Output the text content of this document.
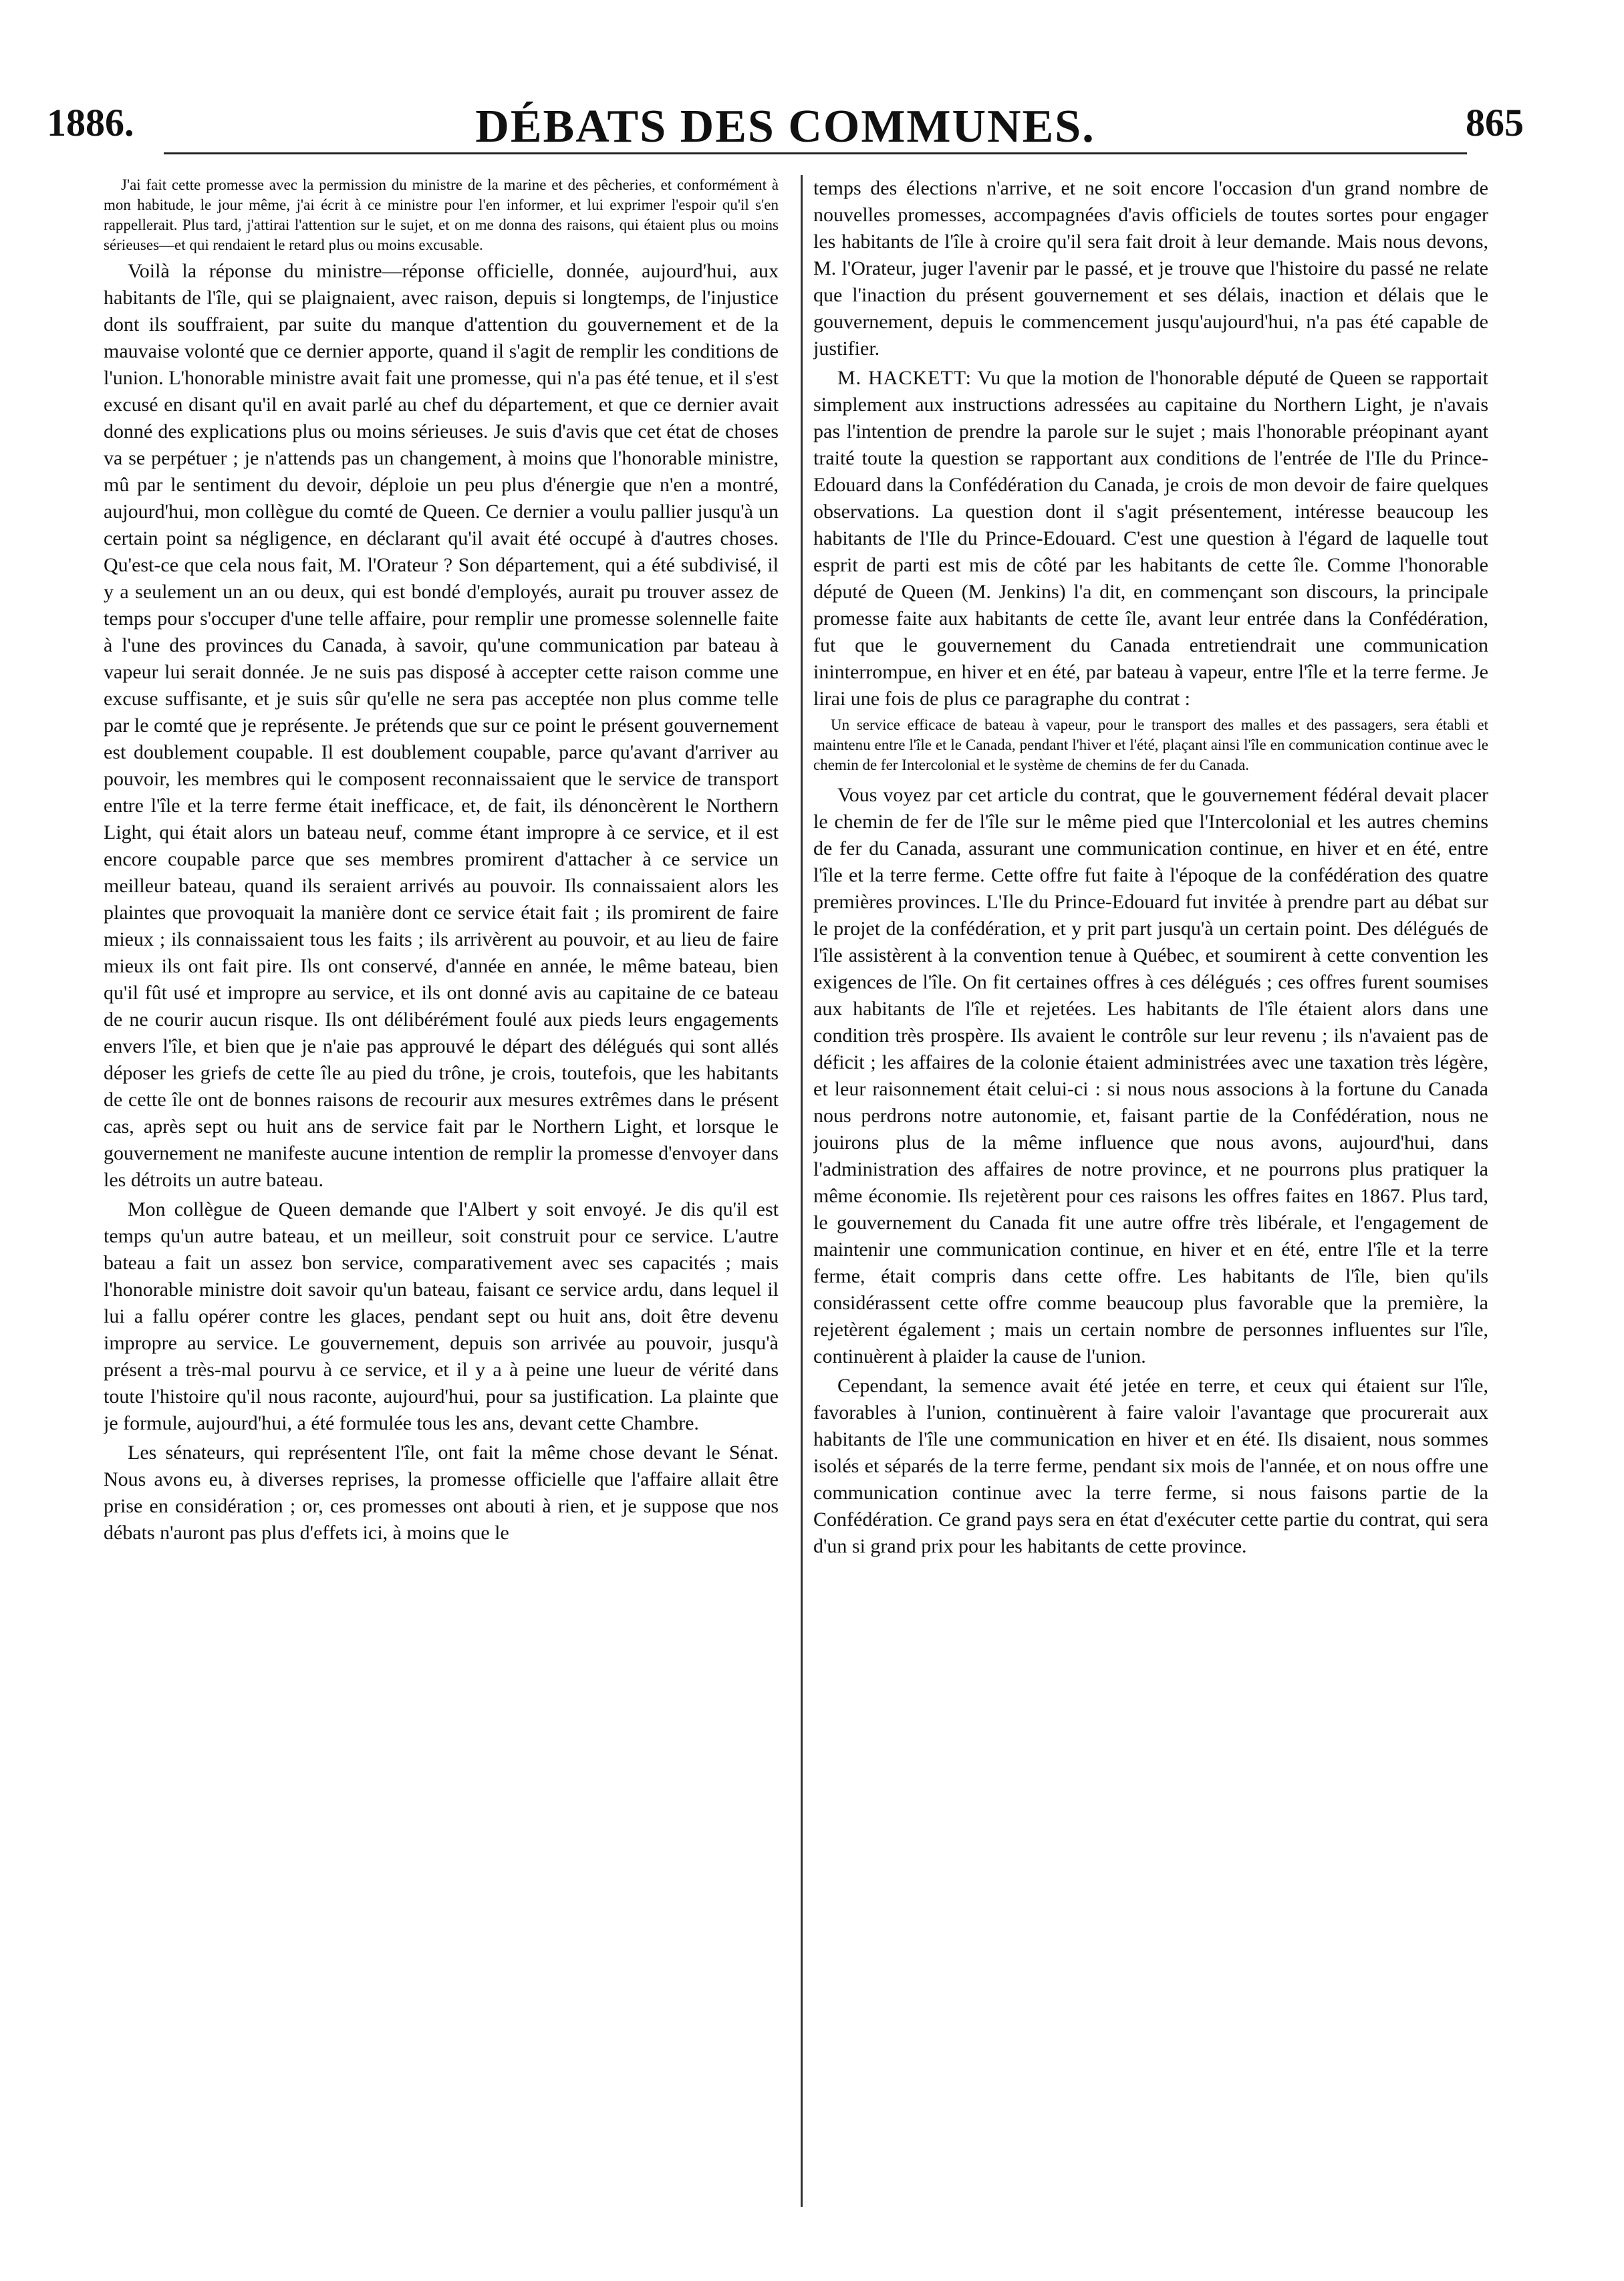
1886.	DÉBATS DES COMMUNES.	865

J'ai fait cette promesse avec la permission du ministre de la marine et des pêcheries, et conformément à mon habitude, le jour même, j'ai écrit à ce ministre pour l'en informer, et lui exprimer l'espoir qu'il s'en rappellerait. Plus tard, j'attirai l'attention sur le sujet, et on me donna des raisons, qui étaient plus ou moins sérieuses—et qui rendaient le retard plus ou moins excusable.

Voilà la réponse du ministre—réponse officielle, donnée, aujourd'hui, aux habitants de l'île, qui se plaignaient, avec raison, depuis si longtemps, de l'injustice dont ils souffraient, par suite du manque d'attention du gouvernement et de la mauvaise volonté que ce dernier apporte, quand il s'agit de remplir les conditions de l'union. L'honorable ministre avait fait une promesse, qui n'a pas été tenue, et il s'est excusé en disant qu'il en avait parlé au chef du département, et que ce dernier avait donné des explications plus ou moins sérieuses. Je suis d'avis que cet état de choses va se perpétuer ; je n'attends pas un changement, à moins que l'honorable ministre, mû par le sentiment du devoir, déploie un peu plus d'énergie que n'en a montré, aujourd'hui, mon collègue du comté de Queen. Ce dernier a voulu pallier jusqu'à un certain point sa négligence, en déclarant qu'il avait été occupé à d'autres choses. Qu'est-ce que cela nous fait, M. l'Orateur ? Son département, qui a été subdivisé, il y a seulement un an ou deux, qui est bondé d'employés, aurait pu trouver assez de temps pour s'occuper d'une telle affaire, pour remplir une promesse solennelle faite à l'une des provinces du Canada, à savoir, qu'une communication par bateau à vapeur lui serait donnée. Je ne suis pas disposé à accepter cette raison comme une excuse suffisante, et je suis sûr qu'elle ne sera pas acceptée non plus comme telle par le comté que je représente. Je prétends que sur ce point le présent gouvernement est doublement coupable. Il est doublement coupable, parce qu'avant d'arriver au pouvoir, les membres qui le composent reconnaissaient que le service de transport entre l'île et la terre ferme était inefficace, et, de fait, ils dénoncèrent le Northern Light, qui était alors un bateau neuf, comme étant impropre à ce service, et il est encore coupable parce que ses membres promirent d'attacher à ce service un meilleur bateau, quand ils seraient arrivés au pouvoir. Ils connaissaient alors les plaintes que provoquait la manière dont ce service était fait ; ils promirent de faire mieux ; ils connaissaient tous les faits ; ils arrivèrent au pouvoir, et au lieu de faire mieux ils ont fait pire. Ils ont conservé, d'année en année, le même bateau, bien qu'il fût usé et impropre au service, et ils ont donné avis au capitaine de ce bateau de ne courir aucun risque. Ils ont délibérément foulé aux pieds leurs engagements envers l'île, et bien que je n'aie pas approuvé le départ des délégués qui sont allés déposer les griefs de cette île au pied du trône, je crois, toutefois, que les habitants de cette île ont de bonnes raisons de recourir aux mesures extrêmes dans le présent cas, après sept ou huit ans de service fait par le Northern Light, et lorsque le gouvernement ne manifeste aucune intention de remplir la promesse d'envoyer dans les détroits un autre bateau.

Mon collègue de Queen demande que l'Albert y soit envoyé. Je dis qu'il est temps qu'un autre bateau, et un meilleur, soit construit pour ce service. L'autre bateau a fait un assez bon service, comparativement avec ses capacités ; mais l'honorable ministre doit savoir qu'un bateau, faisant ce service ardu, dans lequel il lui a fallu opérer contre les glaces, pendant sept ou huit ans, doit être devenu impropre au service. Le gouvernement, depuis son arrivée au pouvoir, jusqu'à présent a très-mal pourvu à ce service, et il y a à peine une lueur de vérité dans toute l'histoire qu'il nous raconte, aujourd'hui, pour sa justification. La plainte que je formule, aujourd'hui, a été formulée tous les ans, devant cette Chambre.

Les sénateurs, qui représentent l'île, ont fait la même chose devant le Sénat. Nous avons eu, à diverses reprises, la promesse officielle que l'affaire allait être prise en considération ; or, ces promesses ont abouti à rien, et je suppose que nos débats n'auront pas plus d'effets ici, à moins que le

temps des élections n'arrive, et ne soit encore l'occasion d'un grand nombre de nouvelles promesses, accompagnées d'avis officiels de toutes sortes pour engager les habitants de l'île à croire qu'il sera fait droit à leur demande. Mais nous devons, M. l'Orateur, juger l'avenir par le passé, et je trouve que l'histoire du passé ne relate que l'inaction du présent gouvernement et ses délais, inaction et délais que le gouvernement, depuis le commencement jusqu'aujourd'hui, n'a pas été capable de justifier.

M. HACKETT: Vu que la motion de l'honorable député de Queen se rapportait simplement aux instructions adressées au capitaine du Northern Light, je n'avais pas l'intention de prendre la parole sur le sujet ; mais l'honorable préopinant ayant traité toute la question se rapportant aux conditions de l'entrée de l'Ile du Prince-Edouard dans la Confédération du Canada, je crois de mon devoir de faire quelques observations. La question dont il s'agit présentement, intéresse beaucoup les habitants de l'Ile du Prince-Edouard. C'est une question à l'égard de laquelle tout esprit de parti est mis de côté par les habitants de cette île. Comme l'honorable député de Queen (M. Jenkins) l'a dit, en commençant son discours, la principale promesse faite aux habitants de cette île, avant leur entrée dans la Confédération, fut que le gouvernement du Canada entretiendrait une communication ininterrompue, en hiver et en été, par bateau à vapeur, entre l'île et la terre ferme. Je lirai une fois de plus ce paragraphe du contrat :

Un service efficace de bateau à vapeur, pour le transport des malles et des passagers, sera établi et maintenu entre l'île et le Canada, pendant l'hiver et l'été, plaçant ainsi l'île en communication continue avec le chemin de fer Intercolonial et le système de chemins de fer du Canada.

Vous voyez par cet article du contrat, que le gouvernement fédéral devait placer le chemin de fer de l'île sur le même pied que l'Intercolonial et les autres chemins de fer du Canada, assurant une communication continue, en hiver et en été, entre l'île et la terre ferme. Cette offre fut faite à l'époque de la confédération des quatre premières provinces. L'Ile du Prince-Edouard fut invitée à prendre part au débat sur le projet de la confédération, et y prit part jusqu'à un certain point. Des délégués de l'île assistèrent à la convention tenue à Québec, et soumirent à cette convention les exigences de l'île. On fit certaines offres à ces délégués ; ces offres furent soumises aux habitants de l'île et rejetées. Les habitants de l'île étaient alors dans une condition très prospère. Ils avaient le contrôle sur leur revenu ; ils n'avaient pas de déficit ; les affaires de la colonie étaient administrées avec une taxation très légère, et leur raisonnement était celui-ci : si nous nous associons à la fortune du Canada nous perdrons notre autonomie, et, faisant partie de la Confédération, nous ne jouirons plus de la même influence que nous avons, aujourd'hui, dans l'administration des affaires de notre province, et ne pourrons plus pratiquer la même économie. Ils rejetèrent pour ces raisons les offres faites en 1867. Plus tard, le gouvernement du Canada fit une autre offre très libérale, et l'engagement de maintenir une communication continue, en hiver et en été, entre l'île et la terre ferme, était compris dans cette offre. Les habitants de l'île, bien qu'ils considérassent cette offre comme beaucoup plus favorable que la première, la rejetèrent également ; mais un certain nombre de personnes influentes sur l'île, continuèrent à plaider la cause de l'union.

Cependant, la semence avait été jetée en terre, et ceux qui étaient sur l'île, favorables à l'union, continuèrent à faire valoir l'avantage que procurerait aux habitants de l'île une communication en hiver et en été. Ils disaient, nous sommes isolés et séparés de la terre ferme, pendant six mois de l'année, et on nous offre une communication continue avec la terre ferme, si nous faisons partie de la Confédération. Ce grand pays sera en état d'exécuter cette partie du contrat, qui sera d'un si grand prix pour les habitants de cette province.
